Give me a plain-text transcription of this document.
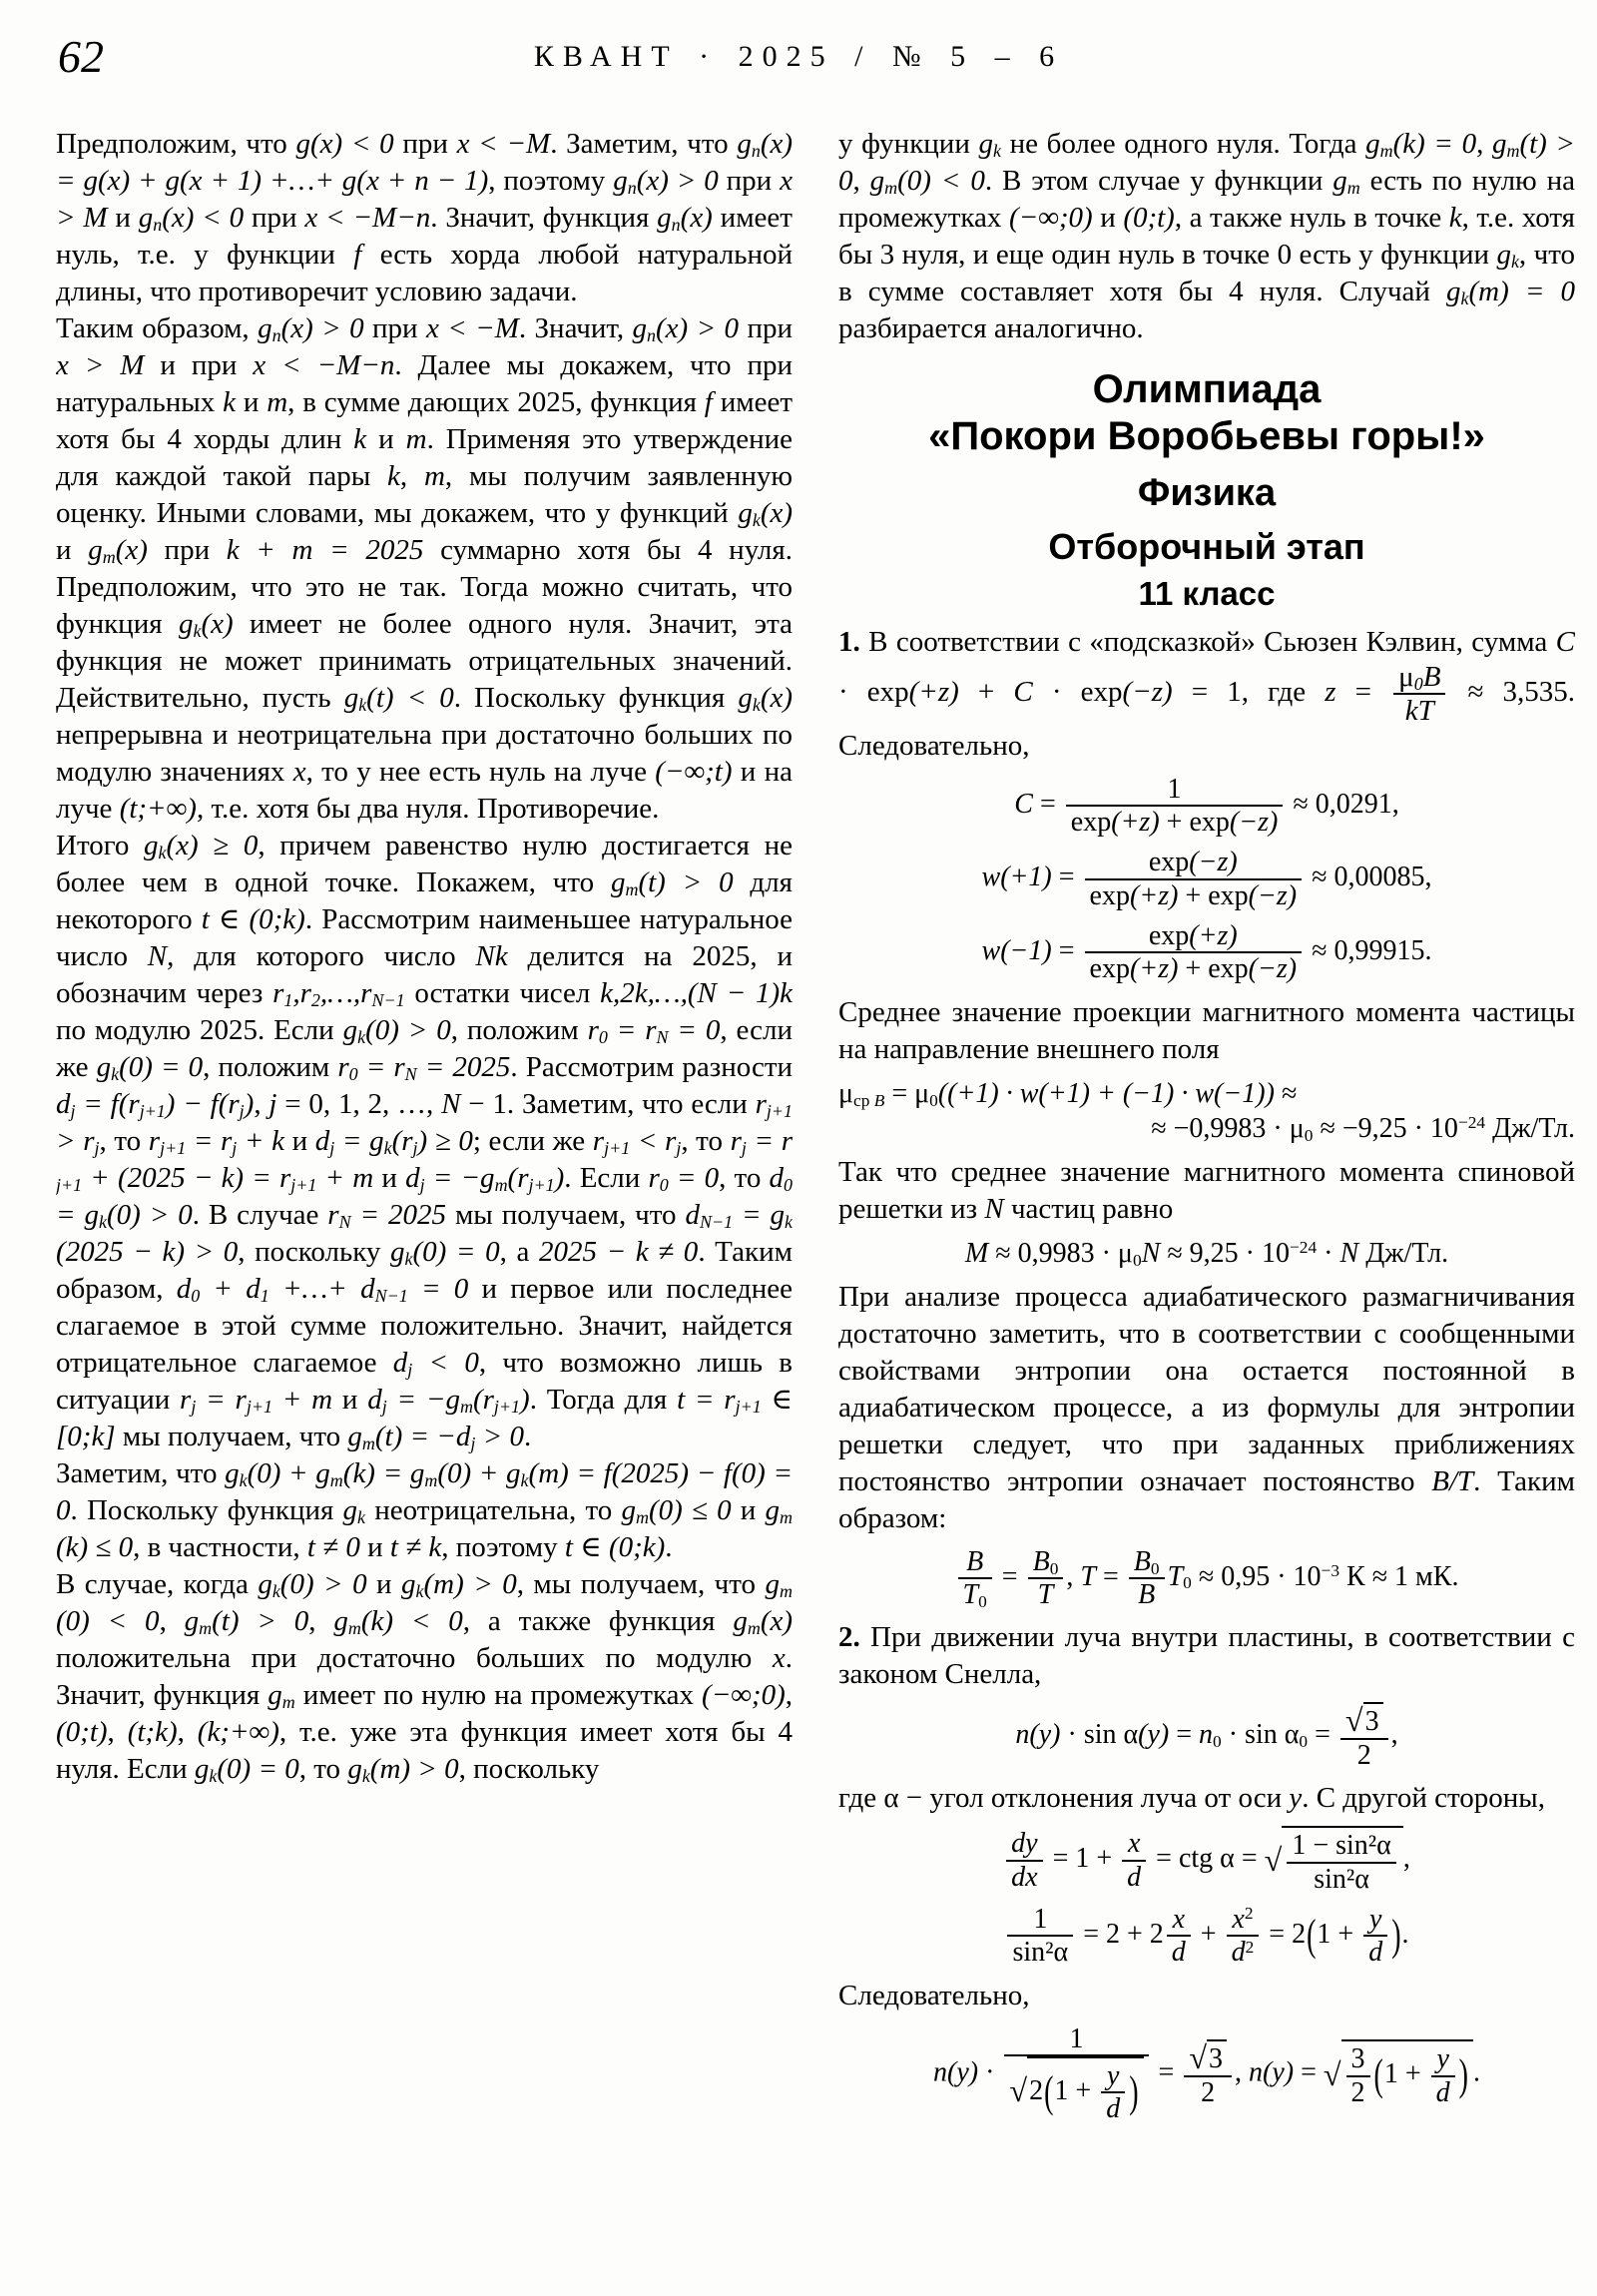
62	КВАНТ · 2025 / № 5 – 6

Предположим, что g(x) < 0 при x < −M. Заметим, что gn(x) = g(x) + g(x + 1) +…+ g(x + n − 1), поэтому gn(x) > 0 при x > M и gn(x) < 0 при x < −M−n. Значит, функция gn(x) имеет нуль, т.е. у функции f есть хорда любой натуральной длины, что противоречит условию задачи.

Таким образом, gn(x) > 0 при x < −M. Значит, gn(x) > 0 при x > M и при x < −M−n. Далее мы докажем, что при натуральных k и m, в сумме дающих 2025, функция f имеет хотя бы 4 хорды длин k и m. Применяя это утверждение для каждой такой пары k, m, мы получим заявленную оценку. Иными словами, мы докажем, что у функций gk(x) и gm(x) при k + m = 2025 суммарно хотя бы 4 нуля. Предположим, что это не так. Тогда можно считать, что функция gk(x) имеет не более одного нуля. Значит, эта функция не может принимать отрицательных значений. Действительно, пусть gk(t) < 0. Поскольку функция gk(x) непрерывна и неотрицательна при достаточно больших по модулю значениях x, то у нее есть нуль на луче (−∞;t) и на луче (t;+∞), т.е. хотя бы два нуля. Противоречие.

Итого gk(x) ≥ 0, причем равенство нулю достигается не более чем в одной точке. Покажем, что gm(t) > 0 для некоторого t ∈ (0;k). Рассмотрим наименьшее натуральное число N, для которого число Nk делится на 2025, и обозначим через r1,r2,…,rN−1 остатки чисел k,2k,…,(N − 1)k по модулю 2025. Если gk(0) > 0, положим r0 = rN = 0, если же gk(0) = 0, положим r0 = rN = 2025. Рассмотрим разности dj = f(rj+1) − f(rj), j = 0, 1, 2, …, N − 1. Заметим, что если rj+1 > rj, то rj+1 = rj + k и dj = gk(rj) ≥ 0; если же rj+1 < rj, то rj = rj+1 + (2025 − k) = rj+1 + m и dj = −gm(rj+1). Если r0 = 0, то d0 = gk(0) > 0. В случае rN = 2025 мы получаем, что dN−1 = gk(2025 − k) > 0, поскольку gk(0) = 0, а 2025 − k ≠ 0. Таким образом, d0 + d1 +…+ dN−1 = 0 и первое или последнее слагаемое в этой сумме положительно. Значит, найдется отрицательное слагаемое dj < 0, что возможно лишь в ситуации rj = rj+1 + m и dj = −gm(rj+1). Тогда для t = rj+1 ∈ [0;k] мы получаем, что gm(t) = −dj > 0.

Заметим, что gk(0) + gm(k) = gm(0) + gk(m) = f(2025) − f(0) = 0. Поскольку функция gk неотрицательна, то gm(0) ≤ 0 и gm(k) ≤ 0, в частности, t ≠ 0 и t ≠ k, поэтому t ∈ (0;k).

В случае, когда gk(0) > 0 и gk(m) > 0, мы получаем, что gm(0) < 0, gm(t) > 0, gm(k) < 0, а также функция gm(x) положительна при достаточно больших по модулю x. Значит, функция gm имеет по нулю на промежутках (−∞;0), (0;t), (t;k), (k;+∞), т.е. уже эта функция имеет хотя бы 4 нуля. Если gk(0) = 0, то gk(m) > 0, поскольку

у функции gk не более одного нуля. Тогда gm(k) = 0, gm(t) > 0, gm(0) < 0. В этом случае у функции gm есть по нулю на промежутках (−∞;0) и (0;t), а также нуль в точке k, т.е. хотя бы 3 нуля, и еще один нуль в точке 0 есть у функции gk, что в сумме составляет хотя бы 4 нуля. Случай gk(m) = 0 разбирается аналогично.

Олимпиада
«Покори Воробьевы горы!»
Физика
Отборочный этап
11 класс

1. В соответствии с «подсказкой» Сьюзен Кэлвин, сумма C · exp(+z) + C · exp(−z) = 1, где $z = \frac{\mu 0B}{kT} \approx 3,535$. Следовательно,

$C = \frac{1}{\exp(+z) + \exp(-z)} \approx 0,0291$,
$w(+1) = \frac{\exp(-z)}{\exp(+z) + \exp(-z)} \approx 0,00085$,
$w(-1) = \frac{\exp(+z)}{\exp(+z) + \exp(-z)} \approx 0,99915$.

Среднее значение проекции магнитного момента частицы на направление внешнего поля

μср B = μ0((+1) · w(+1) + (−1) · w(−1)) ≈
≈ −0,9983 · μ0 ≈ −9,25 · 10−24 Дж/Тл.

Так что среднее значение магнитного момента спиновой решетки из N частиц равно

M ≈ 0,9983 · μ0N ≈ 9,25 · 10−24 · N Дж/Тл.

При анализе процесса адиабатического размагничивания достаточно заметить, что в соответствии с сообщенными свойствами энтропии она остается постоянной в адиабатическом процессе, а из формулы для энтропии решетки следует, что при заданных приближениях постоянство энтропии означает постоянство B/T. Таким образом:

$\frac{B}{T0} = \frac{B0}{T}$ , $T = \frac{B0}{B} T0 \approx 0,95 \cdot 10-3$ К ≈ 1 мК.

2. При движении луча внутри пластины, в соответствии с законом Снелла,

$n(y) \cdot \sin \alpha(y) = n0 \cdot \sin \alpha 0 = \frac{√ 3}{2}$ ,

где α − угол отклонения луча от оси y. С другой стороны,

$\frac{dy}{dx} = 1 + \frac{x}{d}$ = ctg α = √ $\frac{\text{1 − sin²α}}{\text{sin²α}}$ ,
$\frac{1}{\text{sin²α}} = 2 + 2 \frac{x}{d} + \frac{x2}{d2} = 2(1 + \frac{y}{d}$ ).

Следовательно,

$n(y) \cdot \frac{1}{√ 2(1 + \frac{y}{d} )} = \frac{√ 3}{2}$ , n(y) = √ $\frac{3}{2} (1 + \frac{y}{d}$ ) .
